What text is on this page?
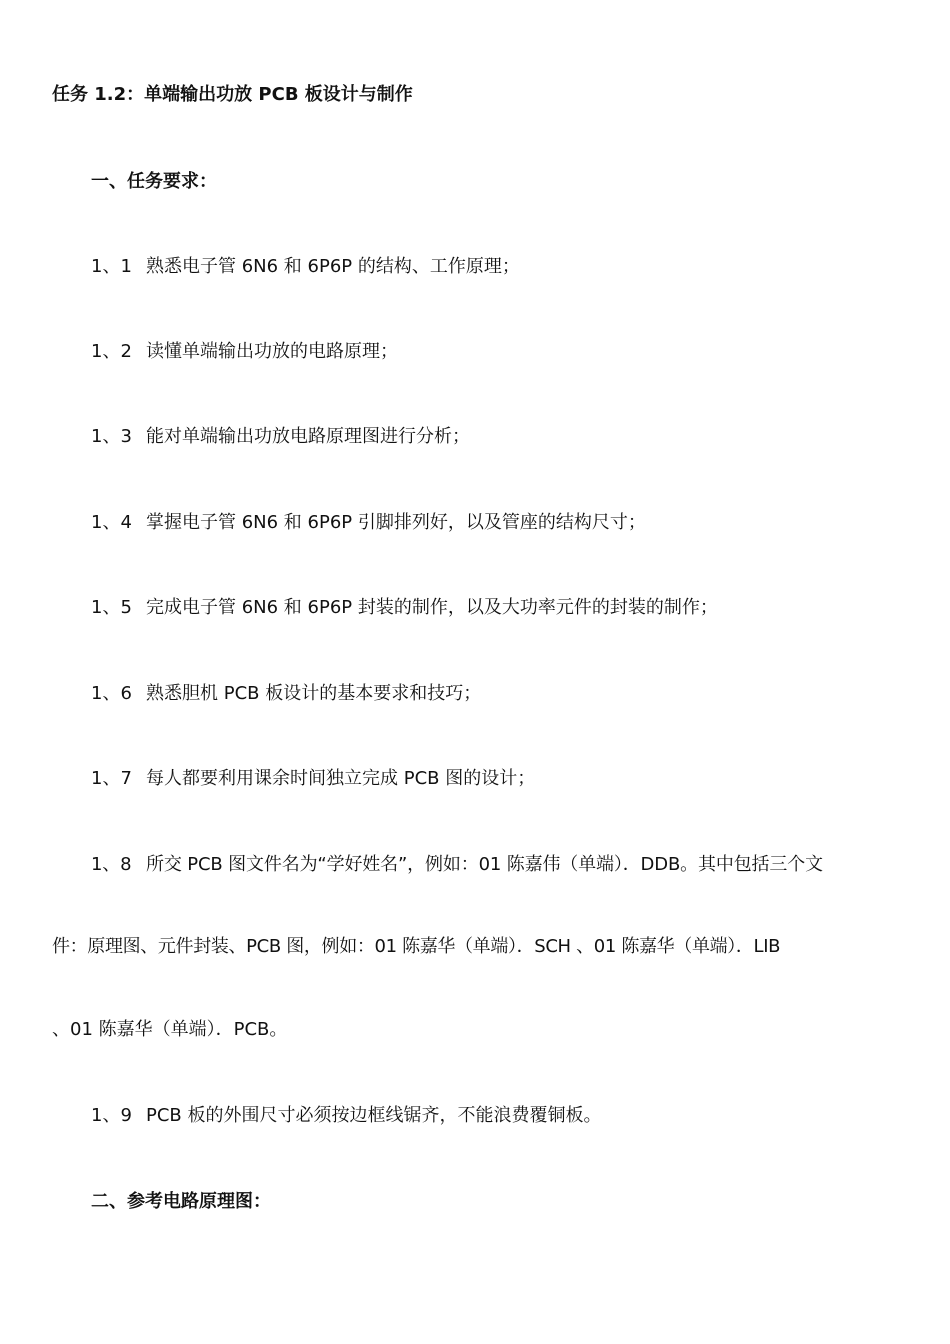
任务 1.2：单端输出功放 PCB 板设计与制作
一、任务要求：
1、1 熟悉电子管 6N6 和 6P6P 的结构、工作原理；
1、2 读懂单端输出功放的电路原理；
1、3 能对单端输出功放电路原理图进行分析；
1、4 掌握电子管 6N6 和 6P6P 引脚排列好，以及管座的结构尺寸；
1、5 完成电子管 6N6 和 6P6P 封装的制作，以及大功率元件的封装的制作；
1、6 熟悉胆机 PCB 板设计的基本要求和技巧；
1、7 每人都要利用课余时间独立完成 PCB 图的设计；
1、8 所交 PCB 图文件名为“学好姓名”，例如：01 陈嘉伟（单端）．DDB。其中包括三个文
件：原理图、元件封装、PCB 图，例如：01 陈嘉华（单端）．SCH 、01 陈嘉华（单端）．LIB
、01 陈嘉华（单端）．PCB。
1、9 PCB 板的外围尺寸必须按边框线锯齐，不能浪费覆铜板。
二、参考电路原理图：
